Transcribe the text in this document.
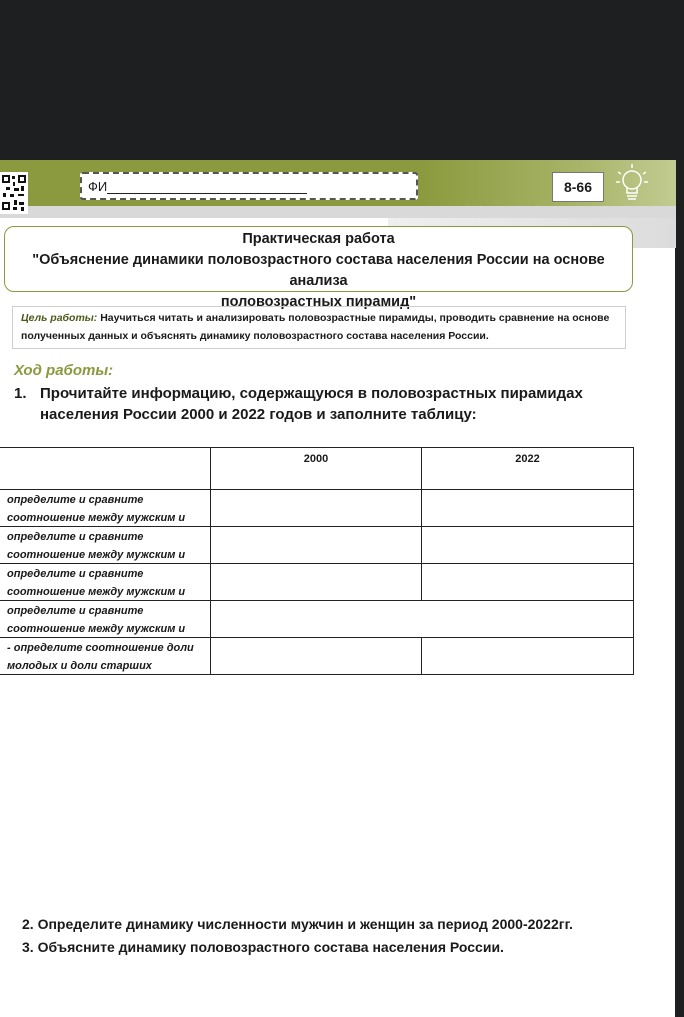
ФИ	8-66
Практическая работа
"Объяснение динамики половозрастного состава населения России на основе анализа
половозрастных пирамид"
Цель работы: Научиться читать и анализировать половозрастные пирамиды, проводить сравнение на основе полученных данных и объяснять динамику половозрастного состава населения России.
Ход работы:
1. Прочитайте информацию, содержащуюся в половозрастных пирамидах населения России 2000 и 2022 годов и заполните таблицу:
	2000	2022

определите и сравните соотношение между мужским и		

определите и сравните соотношение между мужским и		

определите и сравните соотношение между мужским и		

определите и сравните соотношение между мужским и		

- определите соотношение доли молодых и доли старших		

2. Определите динамику численности мужчин и женщин за период 2000-2022гг.
3. Объясните динамику половозрастного состава населения России.
